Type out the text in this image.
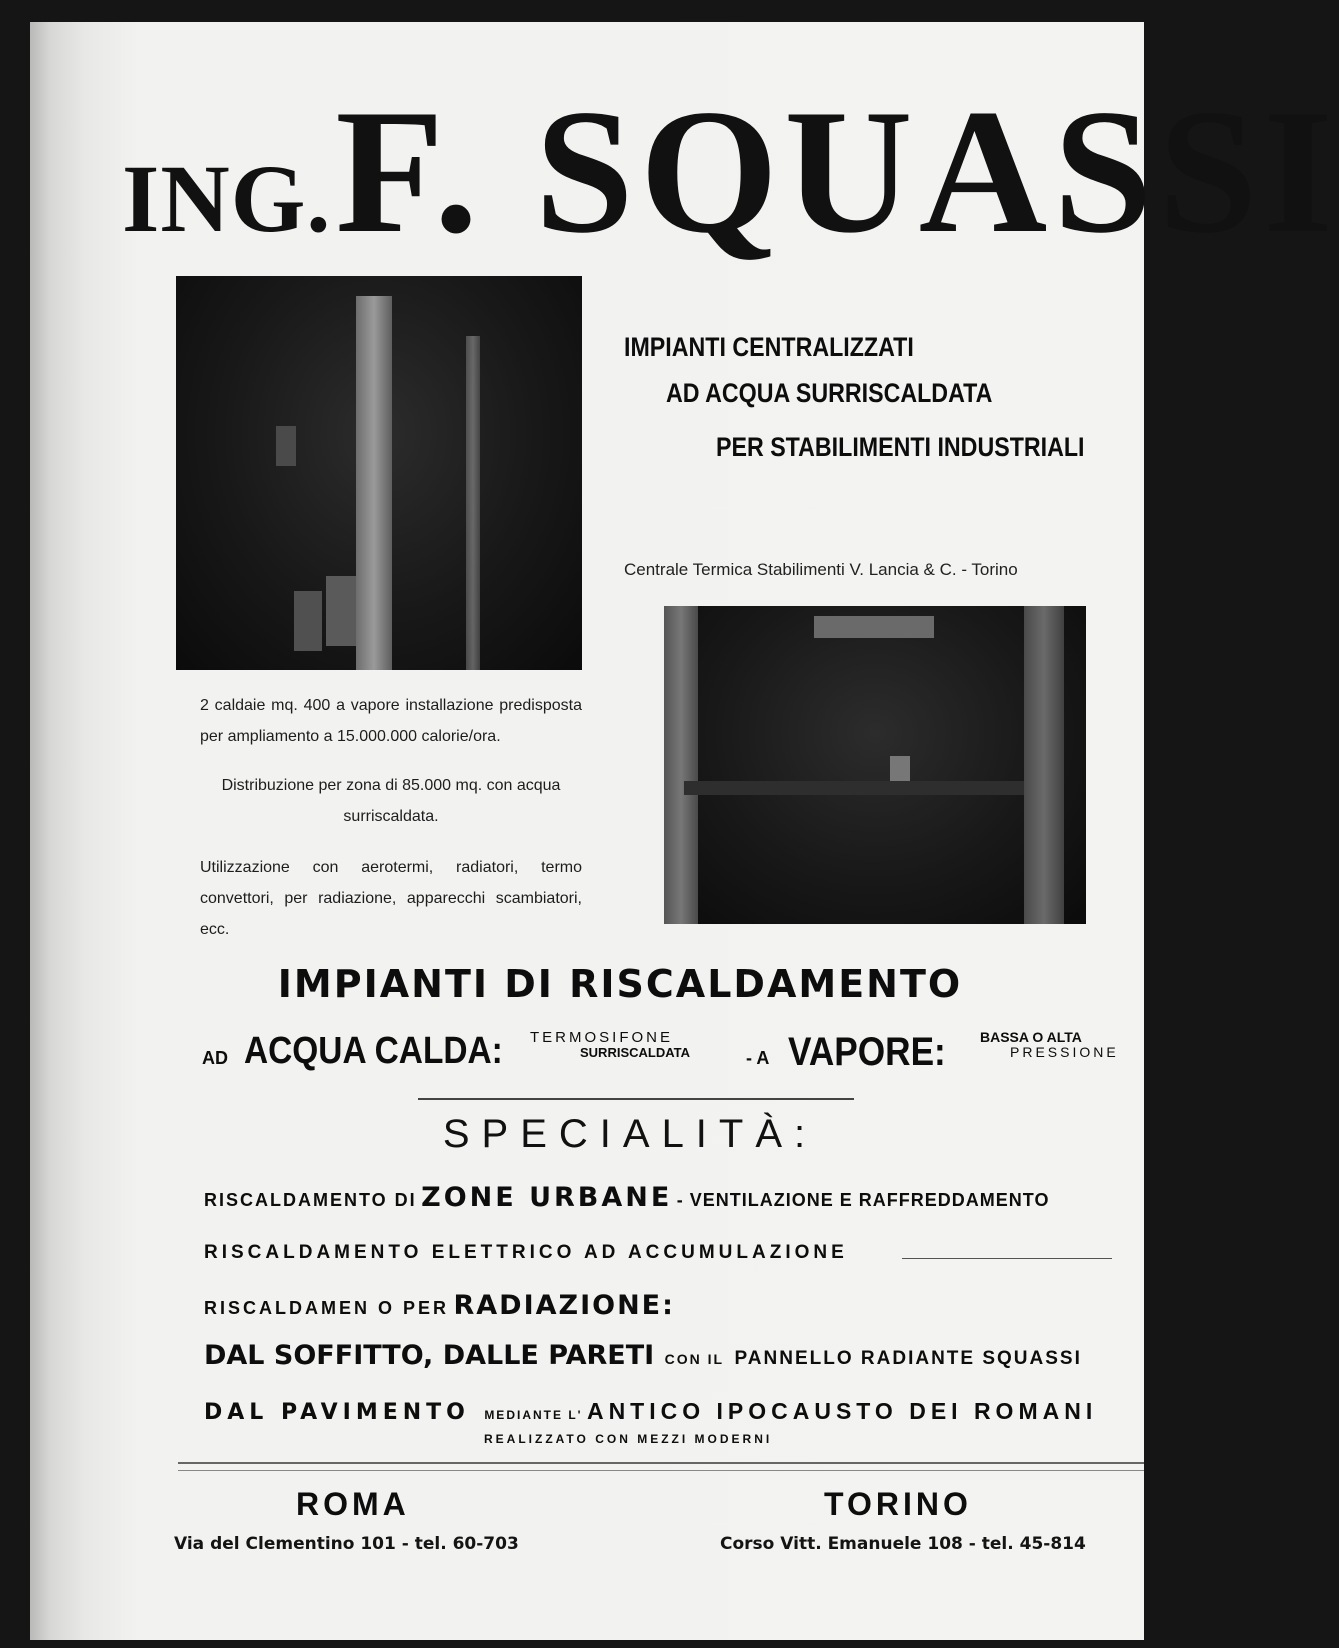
ING. F. SQUASSI
IMPIANTI CENTRALIZZATI
AD ACQUA SURRISCALDATA
PER STABILIMENTI INDUSTRIALI
Centrale Termica Stabilimenti V. Lancia & C. - Torino
2 caldaie mq. 400 a vapore installazione predisposta per ampliamento a 15.000.000 calorie/ora.
Distribuzione per zona di 85.000 mq. con acqua surriscaldata.
Utilizzazione con aerotermi, radiatori, termo convettori, per radiazione, apparecchi scambiatori, ecc.
IMPIANTI DI RISCALDAMENTO
AD ACQUA CALDA: TERMOSIFONE
SURRISCALDATA	- A VAPORE: BASSA O ALTA
PRESSIONE
SPECIALITÀ:
RISCALDAMENTO DI ZONE URBANE - VENTILAZIONE E RAFFREDDAMENTO
RISCALDAMENTO ELETTRICO AD ACCUMULAZIONE
RISCALDAMEN O PER RADIAZIONE:
DAL SOFFITTO, DALLE PARETI CON IL PANNELLO RADIANTE SQUASSI
DAL PAVIMENTO MEDIANTE L' ANTICO IPOCAUSTO DEI ROMANI
REALIZZATO CON MEZZI MODERNI
ROMA
Via del Clementino 101 - tel. 60-703
TORINO
Corso Vitt. Emanuele 108 - tel. 45-814
